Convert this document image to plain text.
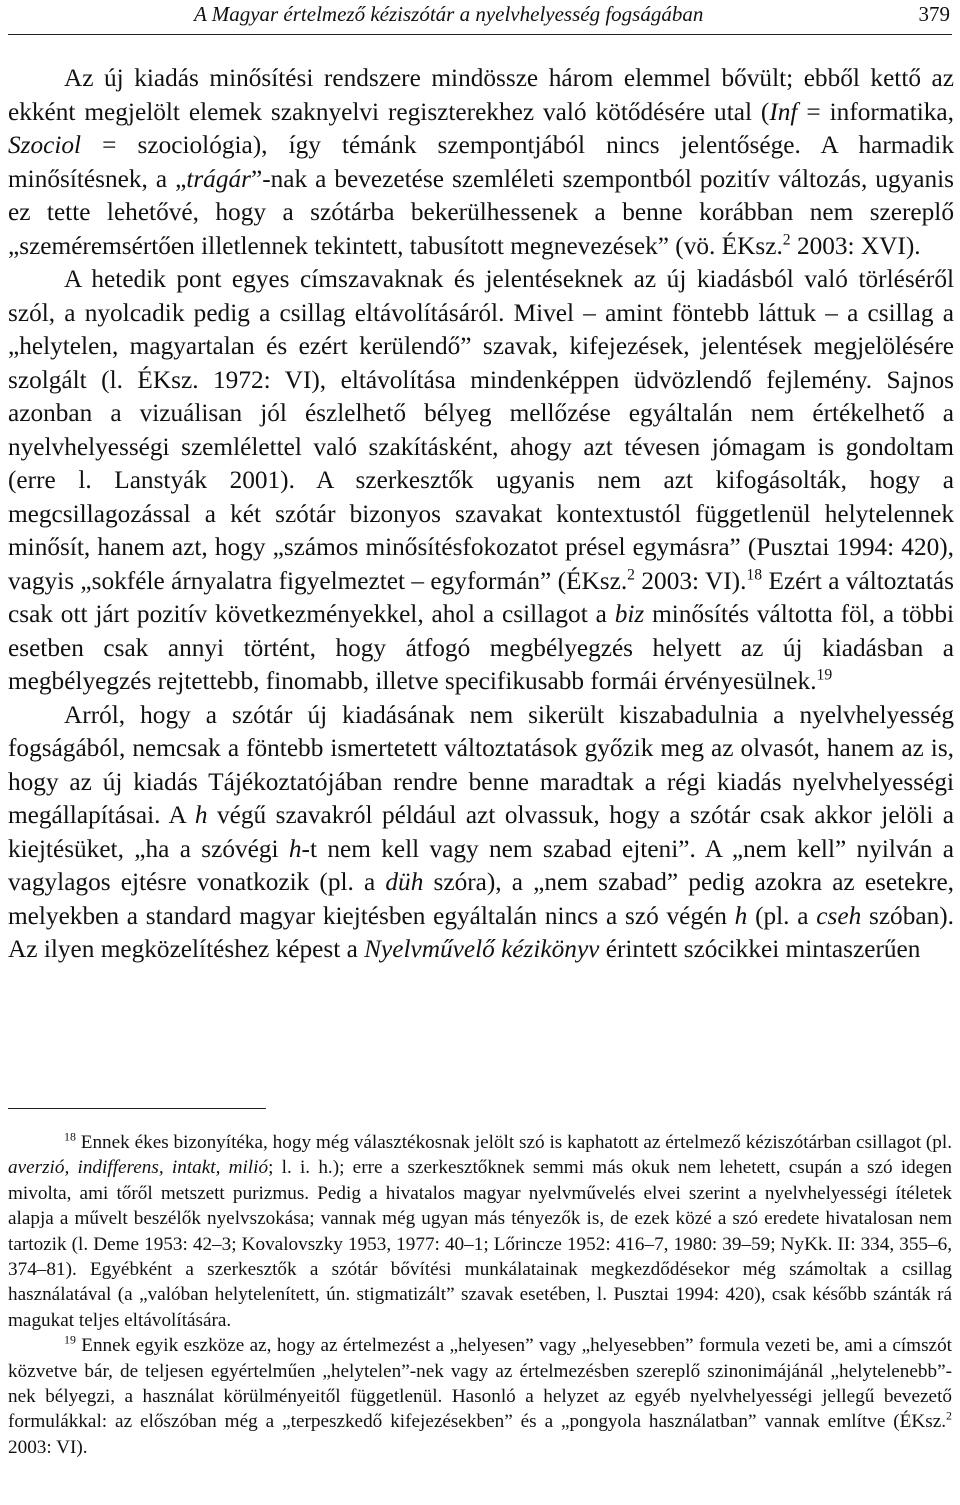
A Magyar értelmező kéziszótár a nyelvhelyesség fogságában	379

Az új kiadás minősítési rendszere mindössze három elemmel bővült; ebből kettő az ekként megjelölt elemek szaknyelvi regiszterekhez való kötődésére utal (Inf = informatika, Szociol = szociológia), így témánk szempontjából nincs jelentősége. A harmadik minősítésnek, a „trágár”-nak a bevezetése szemléleti szempontból pozitív változás, ugyanis ez tette lehetővé, hogy a szótárba bekerülhessenek a benne korábban nem szereplő „szeméremsértően illetlennek tekintett, tabusított megnevezések” (vö. ÉKsz.$^2$ 2003: XVI).

A hetedik pont egyes címszavaknak és jelentéseknek az új kiadásból való törléséről szól, a nyolcadik pedig a csillag eltávolításáról. Mivel – amint föntebb láttuk – a csillag a „helytelen, magyartalan és ezért kerülendő” szavak, kifejezések, jelentések megjelölésére szolgált (l. ÉKsz. 1972: VI), eltávolítása mindenképpen üdvözlendő fejlemény. Sajnos azonban a vizuálisan jól észlelhető bélyeg mellőzése egyáltalán nem értékelhető a nyelvhelyességi szemlélettel való szakításként, ahogy azt tévesen jómagam is gondoltam (erre l. Lanstyák 2001). A szerkesztők ugyanis nem azt kifogásolták, hogy a megcsillagozással a két szótár bizonyos szavakat kontextustól függetlenül helytelennek minősít, hanem azt, hogy „számos minősítésfokozatot présel egymásra” (Pusztai 1994: 420), vagyis „sokféle árnyalatra figyelmeztet – egyformán” (ÉKsz.$^2$ 2003: VI).$^{18}$ Ezért a változtatás csak ott járt pozitív következményekkel, ahol a csillagot a biz minősítés váltotta föl, a többi esetben csak annyi történt, hogy átfogó megbélyegzés helyett az új kiadásban a megbélyegzés rejtettebb, finomabb, illetve specifikusabb formái érvényesülnek.$^{19}$

Arról, hogy a szótár új kiadásának nem sikerült kiszabadulnia a nyelvhelyesség fogságából, nemcsak a föntebb ismertetett változtatások győzik meg az olvasót, hanem az is, hogy az új kiadás Tájékoztatójában rendre benne maradtak a régi kiadás nyelvhelyességi megállapításai. A h végű szavakról például azt olvassuk, hogy a szótár csak akkor jelöli a kiejtésüket, „ha a szóvégi h-t nem kell vagy nem szabad ejteni”. A „nem kell” nyilván a vagylagos ejtésre vonatkozik (pl. a düh szóra), a „nem szabad” pedig azokra az esetekre, melyekben a standard magyar kiejtésben egyáltalán nincs a szó végén h (pl. a cseh szóban). Az ilyen megközelítéshez képest a Nyelvművelő kézikönyv érintett szócikkei mintaszerűen

$^{18}$ Ennek ékes bizonyítéka, hogy még választékosnak jelölt szó is kaphatott az értelmező kéziszótárban csillagot (pl. averzió, indifferens, intakt, milió; l. i. h.); erre a szerkesztőknek semmi más okuk nem lehetett, csupán a szó idegen mivolta, ami tőről metszett purizmus. Pedig a hivatalos magyar nyelvművelés elvei szerint a nyelvhelyességi ítéletek alapja a művelt beszélők nyelvszokása; vannak még ugyan más tényezők is, de ezek közé a szó eredete hivatalosan nem tartozik (l. Deme 1953: 42–3; Kovalovszky 1953, 1977: 40–1; Lőrincze 1952: 416–7, 1980: 39–59; NyKk. II: 334, 355–6, 374–81). Egyébként a szerkesztők a szótár bővítési munkálatainak megkezdődésekor még számoltak a csillag használatával (a „valóban helytelenített, ún. stigmatizált” szavak esetében, l. Pusztai 1994: 420), csak később szánták rá magukat teljes eltávolítására.

$^{19}$ Ennek egyik eszköze az, hogy az értelmezést a „helyesen” vagy „helyesebben” formula vezeti be, ami a címszót közvetve bár, de teljesen egyértelműen „helytelen”-nek vagy az értelmezésben szereplő szinonimájánál „helytelenebb”-nek bélyegzi, a használat körülményeitől függetlenül. Hasonló a helyzet az egyéb nyelvhelyességi jellegű bevezető formulákkal: az előszóban még a „terpeszkedő kifejezésekben” és a „pongyola használatban” vannak említve (ÉKsz.$^2$ 2003: VI).
